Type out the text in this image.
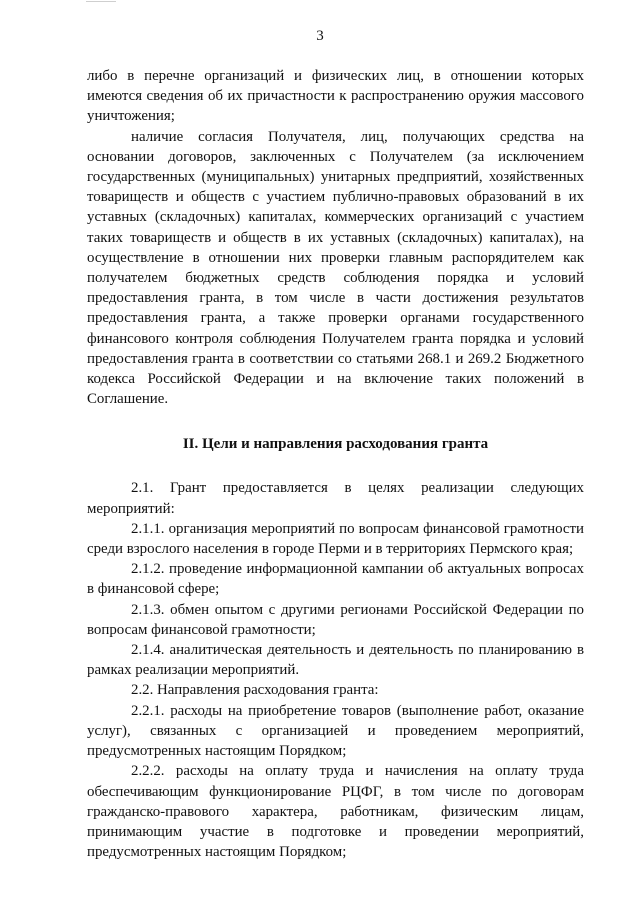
3

либо в перечне организаций и физических лиц, в отношении которых имеются сведения об их причастности к распространению оружия массового уничтожения;

наличие согласия Получателя, лиц, получающих средства на основании договоров, заключенных с Получателем (за исключением государственных (муниципальных) унитарных предприятий, хозяйственных товариществ и обществ с участием публично-правовых образований в их уставных (складочных) капиталах, коммерческих организаций с участием таких товариществ и обществ в их уставных (складочных) капиталах), на осуществление в отношении них проверки главным распорядителем как получателем бюджетных средств соблюдения порядка и условий предоставления гранта, в том числе в части достижения результатов предоставления гранта, а также проверки органами государственного финансового контроля соблюдения Получателем гранта порядка и условий предоставления гранта в соответствии со статьями 268.1 и 269.2 Бюджетного кодекса Российской Федерации и на включение таких положений в Соглашение.

II. Цели и направления расходования гранта

2.1. Грант предоставляется в целях реализации следующих мероприятий:

2.1.1. организация мероприятий по вопросам финансовой грамотности среди взрослого населения в городе Перми и в территориях Пермского края;

2.1.2. проведение информационной кампании об актуальных вопросах в финансовой сфере;

2.1.3. обмен опытом с другими регионами Российской Федерации по вопросам финансовой грамотности;

2.1.4. аналитическая деятельность и деятельность по планированию в рамках реализации мероприятий.

2.2. Направления расходования гранта:

2.2.1. расходы на приобретение товаров (выполнение работ, оказание услуг), связанных с организацией и проведением мероприятий, предусмотренных настоящим Порядком;

2.2.2. расходы на оплату труда и начисления на оплату труда обеспечивающим функционирование РЦФГ, в том числе по договорам гражданско-правового характера, работникам, физическим лицам, принимающим участие в подготовке и проведении мероприятий, предусмотренных настоящим Порядком;
